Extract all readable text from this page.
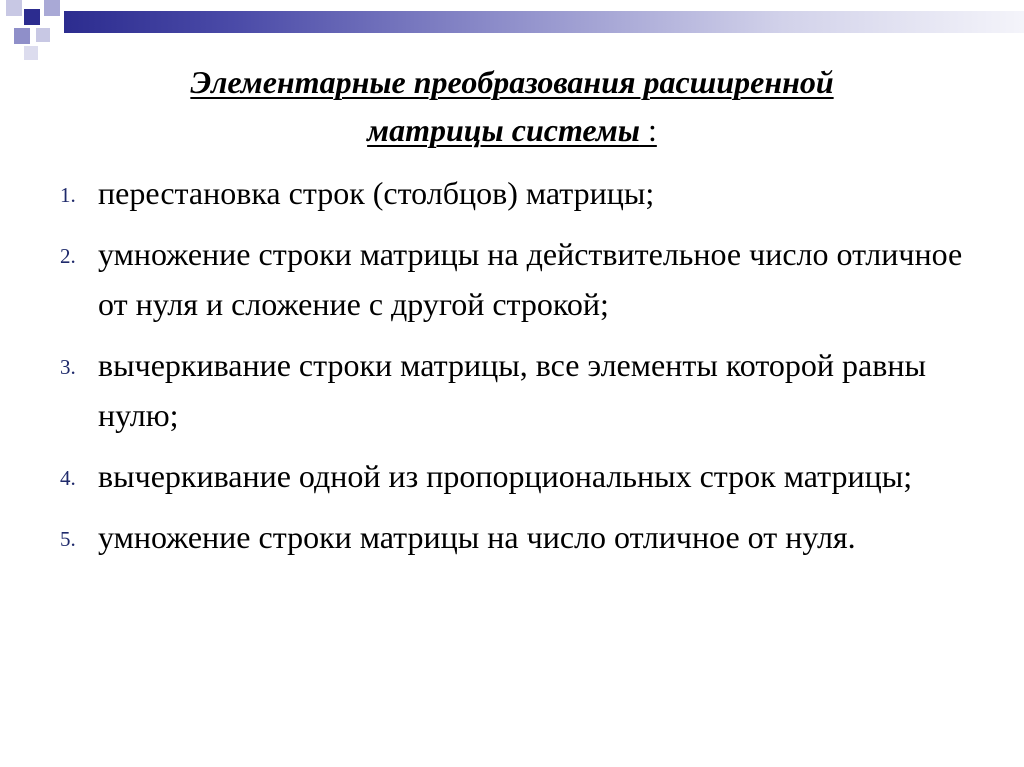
Элементарные преобразования расширенной
матрицы системы :
1. перестановка строк (столбцов) матрицы;
2. умножение строки матрицы на действительное число отличное от нуля и сложение с другой строкой;
3. вычеркивание строки матрицы, все элементы которой равны нулю;
4. вычеркивание одной из пропорциональных строк матрицы;
5. умножение строки матрицы на число отличное от нуля.
